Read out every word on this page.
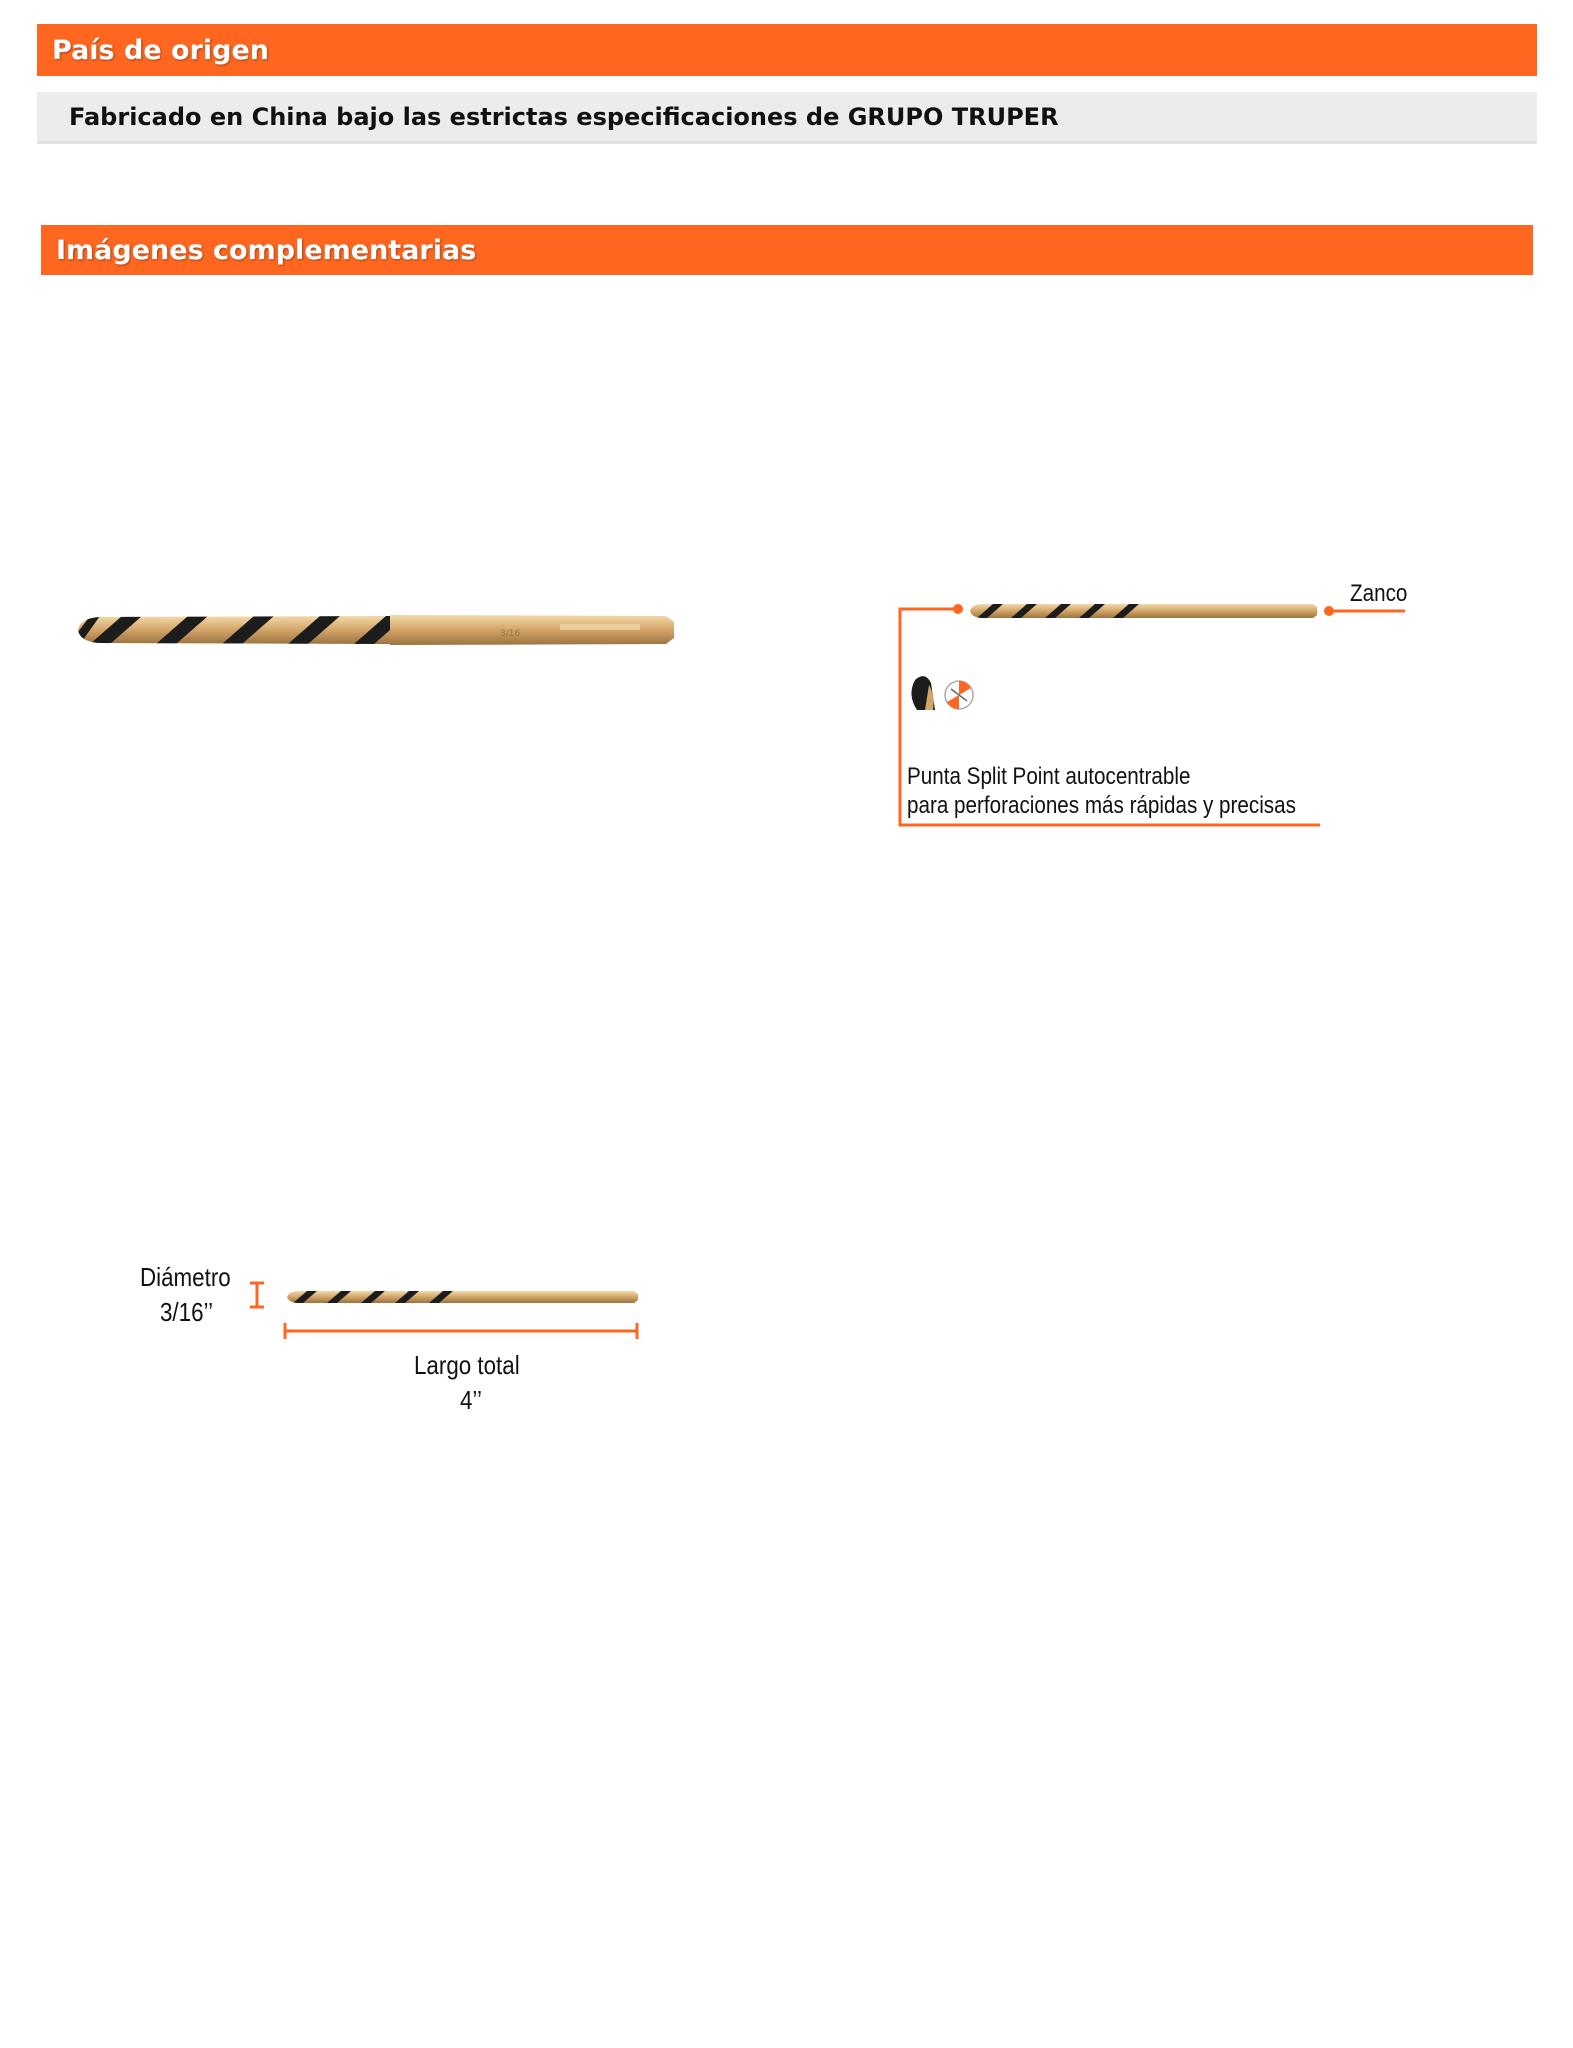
País de origen
Fabricado en China bajo las estrictas especificaciones de GRUPO TRUPER
Imágenes complementarias
3/16
Zanco
Punta Split Point autocentrable
para perforaciones más rápidas y precisas
Diámetro
3/16’’
Largo total
4’’
